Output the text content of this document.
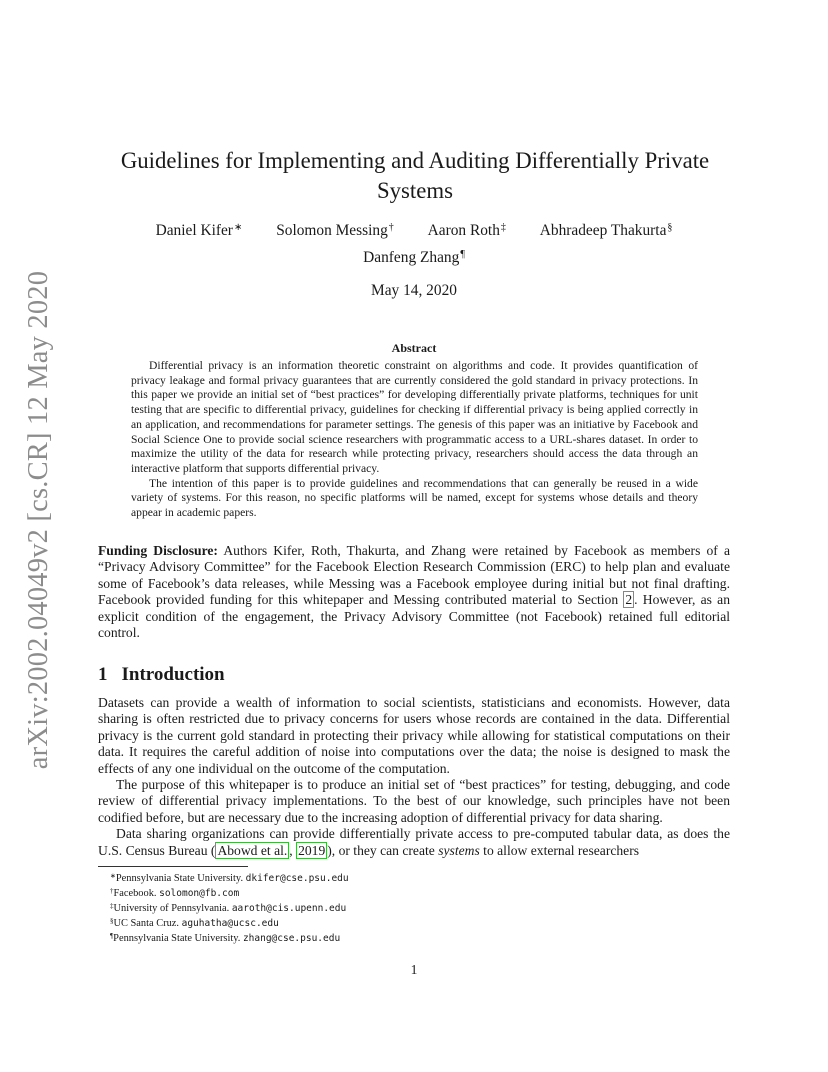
arXiv:2002.04049v2 [cs.CR] 12 May 2020
Guidelines for Implementing and Auditing Differentially Private Systems
Daniel Kifer∗ Solomon Messing† Aaron Roth‡ Abhradeep Thakurta§
Danfeng Zhang¶
May 14, 2020
Abstract

Differential privacy is an information theoretic constraint on algorithms and code. It provides quantification of privacy leakage and formal privacy guarantees that are currently considered the gold standard in privacy protections. In this paper we provide an initial set of “best practices” for developing differentially private platforms, techniques for unit testing that are specific to differential privacy, guidelines for checking if differential privacy is being applied correctly in an application, and recommendations for parameter settings. The genesis of this paper was an initiative by Facebook and Social Science One to provide social science researchers with programmatic access to a URL-shares dataset. In order to maximize the utility of the data for research while protecting privacy, researchers should access the data through an interactive platform that supports differential privacy.

The intention of this paper is to provide guidelines and recommendations that can generally be reused in a wide variety of systems. For this reason, no specific platforms will be named, except for systems whose details and theory appear in academic papers.

Funding Disclosure: Authors Kifer, Roth, Thakurta, and Zhang were retained by Facebook as members of a “Privacy Advisory Committee” for the Facebook Election Research Commission (ERC) to help plan and evaluate some of Facebook’s data releases, while Messing was a Facebook employee during initial but not final drafting. Facebook provided funding for this whitepaper and Messing contributed material to Section 2 . However, as an explicit condition of the engagement, the Privacy Advisory Committee (not Facebook) retained full editorial control.
1 Introduction

Datasets can provide a wealth of information to social scientists, statisticians and economists. However, data sharing is often restricted due to privacy concerns for users whose records are contained in the data. Differential privacy is the current gold standard in protecting their privacy while allowing for statistical computations on their data. It requires the careful addition of noise into computations over the data; the noise is designed to mask the effects of any one individual on the outcome of the computation.

The purpose of this whitepaper is to produce an initial set of “best practices” for testing, debugging, and code review of differential privacy implementations. To the best of our knowledge, such principles have not been codified before, but are necessary due to the increasing adoption of differential privacy for data sharing.

Data sharing organizations can provide differentially private access to pre-computed tabular data, as does the U.S. Census Bureau ( Abowd et al. , 2019 ), or they can create systems to allow external researchers

∗Pennsylvania State University. dkifer@cse.psu.edu
†Facebook. solomon@fb.com
‡University of Pennsylvania. aaroth@cis.upenn.edu
§UC Santa Cruz. aguhatha@ucsc.edu
¶Pennsylvania State University. zhang@cse.psu.edu
1
